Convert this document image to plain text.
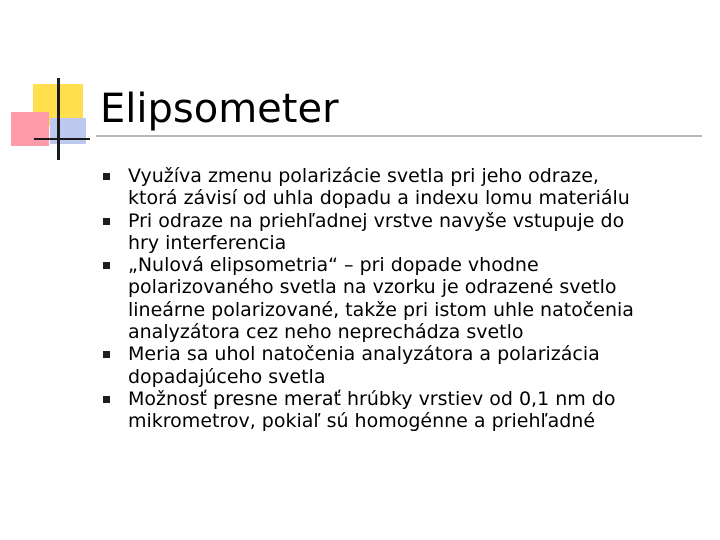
Elipsometer
Využíva zmenu polarizácie svetla pri jeho odraze,
ktorá závisí od uhla dopadu a indexu lomu materiálu
Pri odraze na priehľadnej vrstve navyše vstupuje do
hry interferencia
„Nulová elipsometria“ – pri dopade vhodne
polarizovaného svetla na vzorku je odrazené svetlo
lineárne polarizované, takže pri istom uhle natočenia
analyzátora cez neho neprechádza svetlo
Meria sa uhol natočenia analyzátora a polarizácia
dopadajúceho svetla
Možnosť presne merať hrúbky vrstiev od 0,1 nm do
mikrometrov, pokiaľ sú homogénne a priehľadné
